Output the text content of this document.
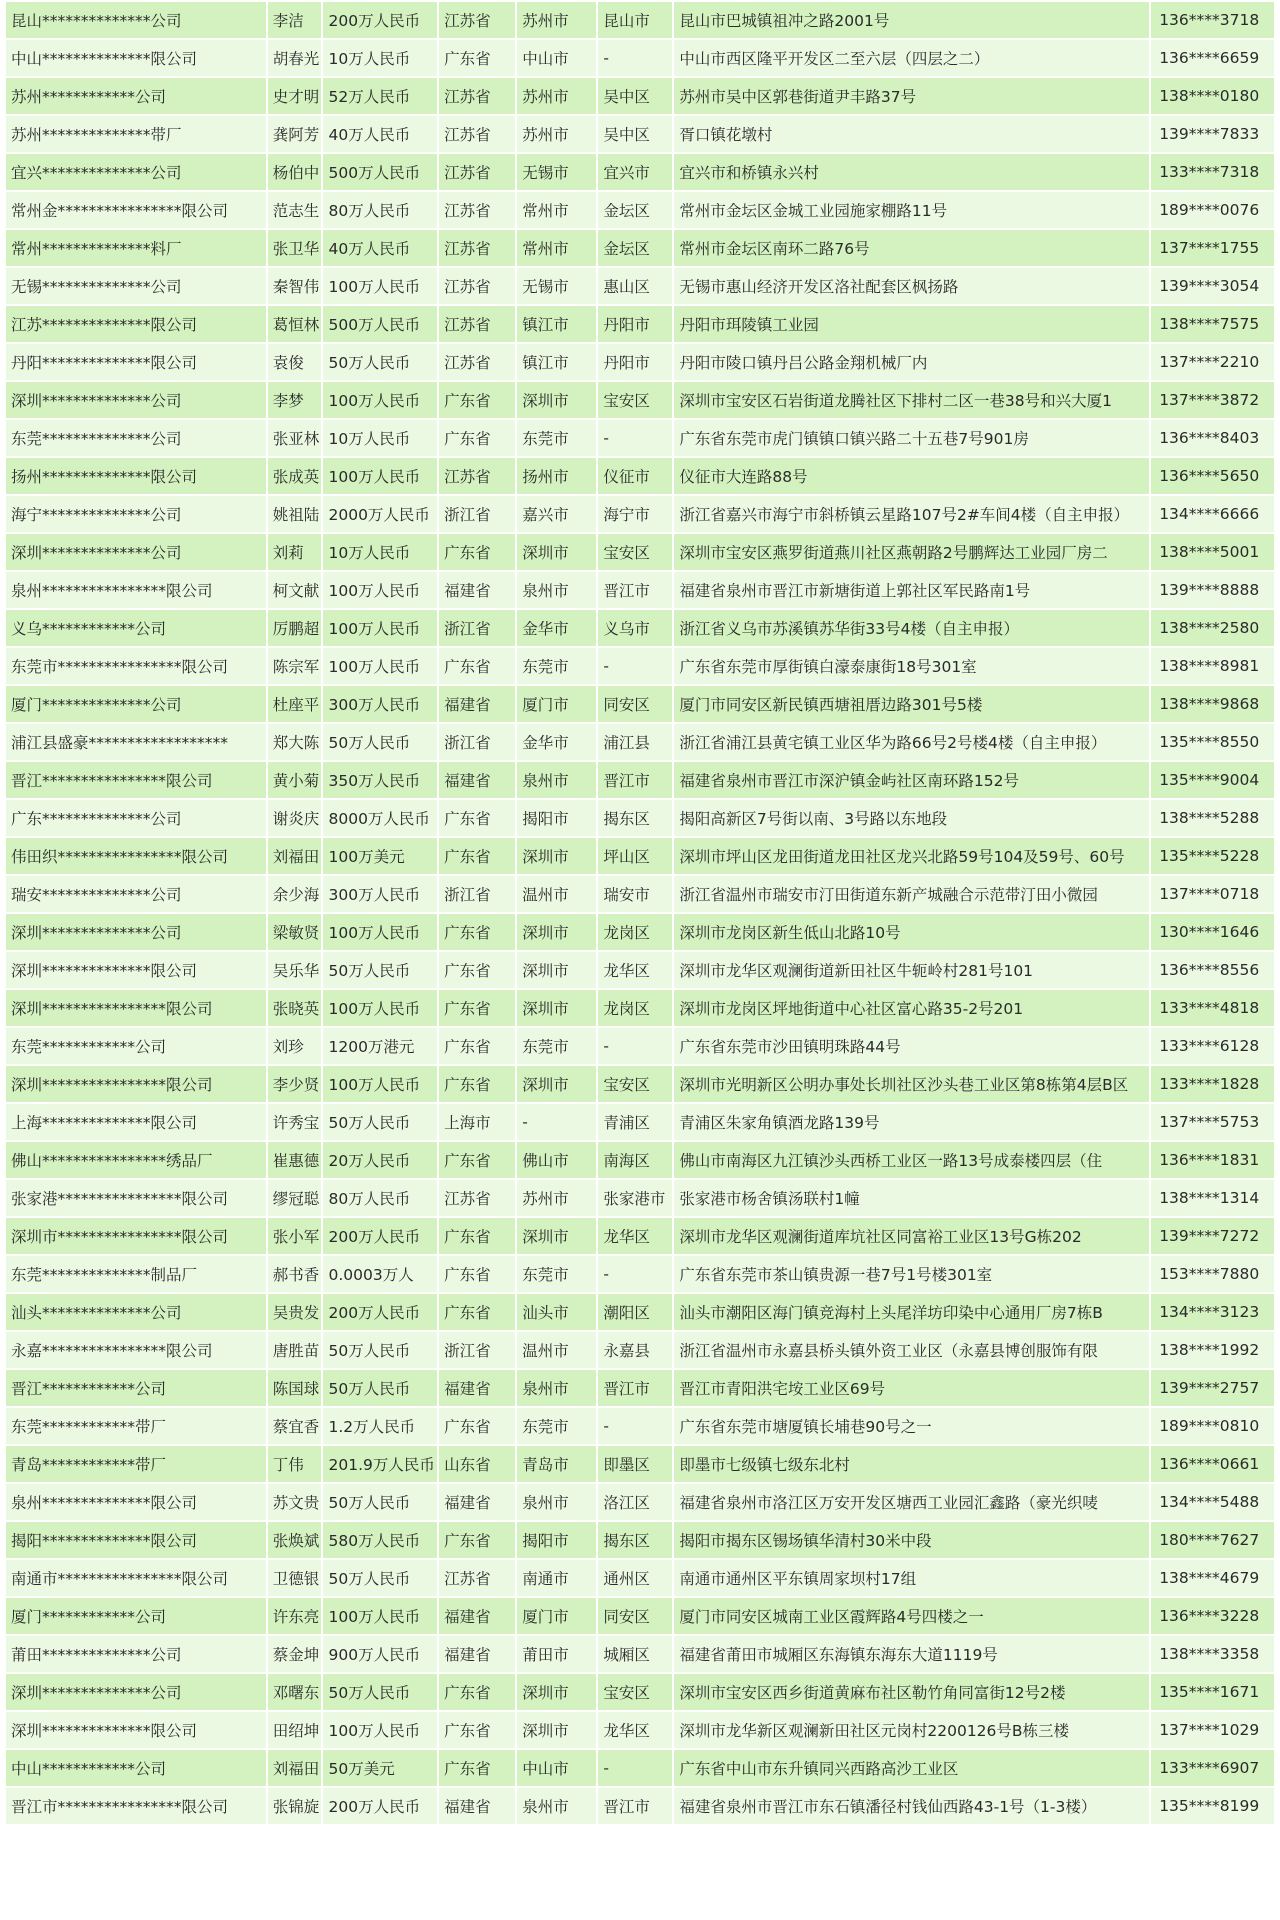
昆山**************公司	李洁	200万人民币	江苏省	苏州市	昆山市	昆山市巴城镇祖冲之路2001号	136****3718
中山**************限公司	胡春光	10万人民币	广东省	中山市	-	中山市西区隆平开发区二至六层（四层之二）	136****6659
苏州************公司	史才明	52万人民币	江苏省	苏州市	吴中区	苏州市吴中区郭巷街道尹丰路37号	138****0180
苏州**************带厂	龚阿芳	40万人民币	江苏省	苏州市	吴中区	胥口镇花墩村	139****7833
宜兴**************公司	杨伯中	500万人民币	江苏省	无锡市	宜兴市	宜兴市和桥镇永兴村	133****7318
常州金****************限公司	范志生	80万人民币	江苏省	常州市	金坛区	常州市金坛区金城工业园施家棚路11号	189****0076
常州**************料厂	张卫华	40万人民币	江苏省	常州市	金坛区	常州市金坛区南环二路76号	137****1755
无锡**************公司	秦智伟	100万人民币	江苏省	无锡市	惠山区	无锡市惠山经济开发区洛社配套区枫扬路	139****3054
江苏**************限公司	葛恒林	500万人民币	江苏省	镇江市	丹阳市	丹阳市珥陵镇工业园	138****7575
丹阳**************限公司	袁俊	50万人民币	江苏省	镇江市	丹阳市	丹阳市陵口镇丹吕公路金翔机械厂内	137****2210
深圳**************公司	李梦	100万人民币	广东省	深圳市	宝安区	深圳市宝安区石岩街道龙腾社区下排村二区一巷38号和兴大厦1	137****3872
东莞**************公司	张亚林	10万人民币	广东省	东莞市	-	广东省东莞市虎门镇镇口镇兴路二十五巷7号901房	136****8403
扬州**************限公司	张成英	100万人民币	江苏省	扬州市	仪征市	仪征市大连路88号	136****5650
海宁**************公司	姚祖陆	2000万人民币	浙江省	嘉兴市	海宁市	浙江省嘉兴市海宁市斜桥镇云星路107号2#车间4楼（自主申报）	134****6666
深圳**************公司	刘莉	10万人民币	广东省	深圳市	宝安区	深圳市宝安区燕罗街道燕川社区燕朝路2号鹏辉达工业园厂房二	138****5001
泉州****************限公司	柯文献	100万人民币	福建省	泉州市	晋江市	福建省泉州市晋江市新塘街道上郭社区军民路南1号	139****8888
义乌************公司	厉鹏超	100万人民币	浙江省	金华市	义乌市	浙江省义乌市苏溪镇苏华街33号4楼（自主申报）	138****2580
东莞市****************限公司	陈宗军	100万人民币	广东省	东莞市	-	广东省东莞市厚街镇白濠泰康街18号301室	138****8981
厦门**************公司	杜座平	300万人民币	福建省	厦门市	同安区	厦门市同安区新民镇西塘祖厝边路301号5楼	138****9868
浦江县盛豪******************	郑大陈	50万人民币	浙江省	金华市	浦江县	浙江省浦江县黄宅镇工业区华为路66号2号楼4楼（自主申报）	135****8550
晋江****************限公司	黄小菊	350万人民币	福建省	泉州市	晋江市	福建省泉州市晋江市深沪镇金屿社区南环路152号	135****9004
广东**************公司	谢炎庆	8000万人民币	广东省	揭阳市	揭东区	揭阳高新区7号街以南、3号路以东地段	138****5288
伟田织****************限公司	刘福田	100万美元	广东省	深圳市	坪山区	深圳市坪山区龙田街道龙田社区龙兴北路59号104及59号、60号	135****5228
瑞安**************公司	余少海	300万人民币	浙江省	温州市	瑞安市	浙江省温州市瑞安市汀田街道东新产城融合示范带汀田小微园	137****0718
深圳**************公司	梁敏贤	100万人民币	广东省	深圳市	龙岗区	深圳市龙岗区新生低山北路10号	130****1646
深圳**************限公司	吴乐华	50万人民币	广东省	深圳市	龙华区	深圳市龙华区观澜街道新田社区牛轭岭村281号101	136****8556
深圳****************限公司	张晓英	100万人民币	广东省	深圳市	龙岗区	深圳市龙岗区坪地街道中心社区富心路35-2号201	133****4818
东莞************公司	刘珍	1200万港元	广东省	东莞市	-	广东省东莞市沙田镇明珠路44号	133****6128
深圳****************限公司	李少贤	100万人民币	广东省	深圳市	宝安区	深圳市光明新区公明办事处长圳社区沙头巷工业区第8栋第4层B区	133****1828
上海**************限公司	许秀宝	50万人民币	上海市	-	青浦区	青浦区朱家角镇酒龙路139号	137****5753
佛山****************绣品厂	崔惠德	20万人民币	广东省	佛山市	南海区	佛山市南海区九江镇沙头西桥工业区一路13号成泰楼四层（住	136****1831
张家港****************限公司	缪冠聪	80万人民币	江苏省	苏州市	张家港市	张家港市杨舍镇汤联村1幢	138****1314
深圳市****************限公司	张小军	200万人民币	广东省	深圳市	龙华区	深圳市龙华区观澜街道库坑社区同富裕工业区13号G栋202	139****7272
东莞**************制品厂	郝书香	0.0003万人	广东省	东莞市	-	广东省东莞市茶山镇贵源一巷7号1号楼301室	153****7880
汕头**************公司	吴贵发	200万人民币	广东省	汕头市	潮阳区	汕头市潮阳区海门镇竞海村上头尾洋坊印染中心通用厂房7栋B	134****3123
永嘉****************限公司	唐胜苗	50万人民币	浙江省	温州市	永嘉县	浙江省温州市永嘉县桥头镇外资工业区（永嘉县博创服饰有限	138****1992
晋江************公司	陈国球	50万人民币	福建省	泉州市	晋江市	晋江市青阳洪宅垵工业区69号	139****2757
东莞************带厂	蔡宜香	1.2万人民币	广东省	东莞市	-	广东省东莞市塘厦镇长埔巷90号之一	189****0810
青岛************带厂	丁伟	201.9万人民币	山东省	青岛市	即墨区	即墨市七级镇七级东北村	136****0661
泉州**************限公司	苏文贵	50万人民币	福建省	泉州市	洛江区	福建省泉州市洛江区万安开发区塘西工业园汇鑫路（豪光织唛	134****5488
揭阳**************限公司	张焕斌	580万人民币	广东省	揭阳市	揭东区	揭阳市揭东区锡场镇华清村30米中段	180****7627
南通市****************限公司	卫德银	50万人民币	江苏省	南通市	通州区	南通市通州区平东镇周家坝村17组	138****4679
厦门************公司	许东亮	100万人民币	福建省	厦门市	同安区	厦门市同安区城南工业区霞辉路4号四楼之一	136****3228
莆田**************公司	蔡金坤	900万人民币	福建省	莆田市	城厢区	福建省莆田市城厢区东海镇东海东大道1119号	138****3358
深圳**************公司	邓曙东	50万人民币	广东省	深圳市	宝安区	深圳市宝安区西乡街道黄麻布社区勒竹角同富街12号2楼	135****1671
深圳**************限公司	田绍坤	100万人民币	广东省	深圳市	龙华区	深圳市龙华新区观澜新田社区元岗村2200126号B栋三楼	137****1029
中山************公司	刘福田	50万美元	广东省	中山市	-	广东省中山市东升镇同兴西路高沙工业区	133****6907
晋江市****************限公司	张锦旋	200万人民币	福建省	泉州市	晋江市	福建省泉州市晋江市东石镇潘径村钱仙西路43-1号（1-3楼）	135****8199
